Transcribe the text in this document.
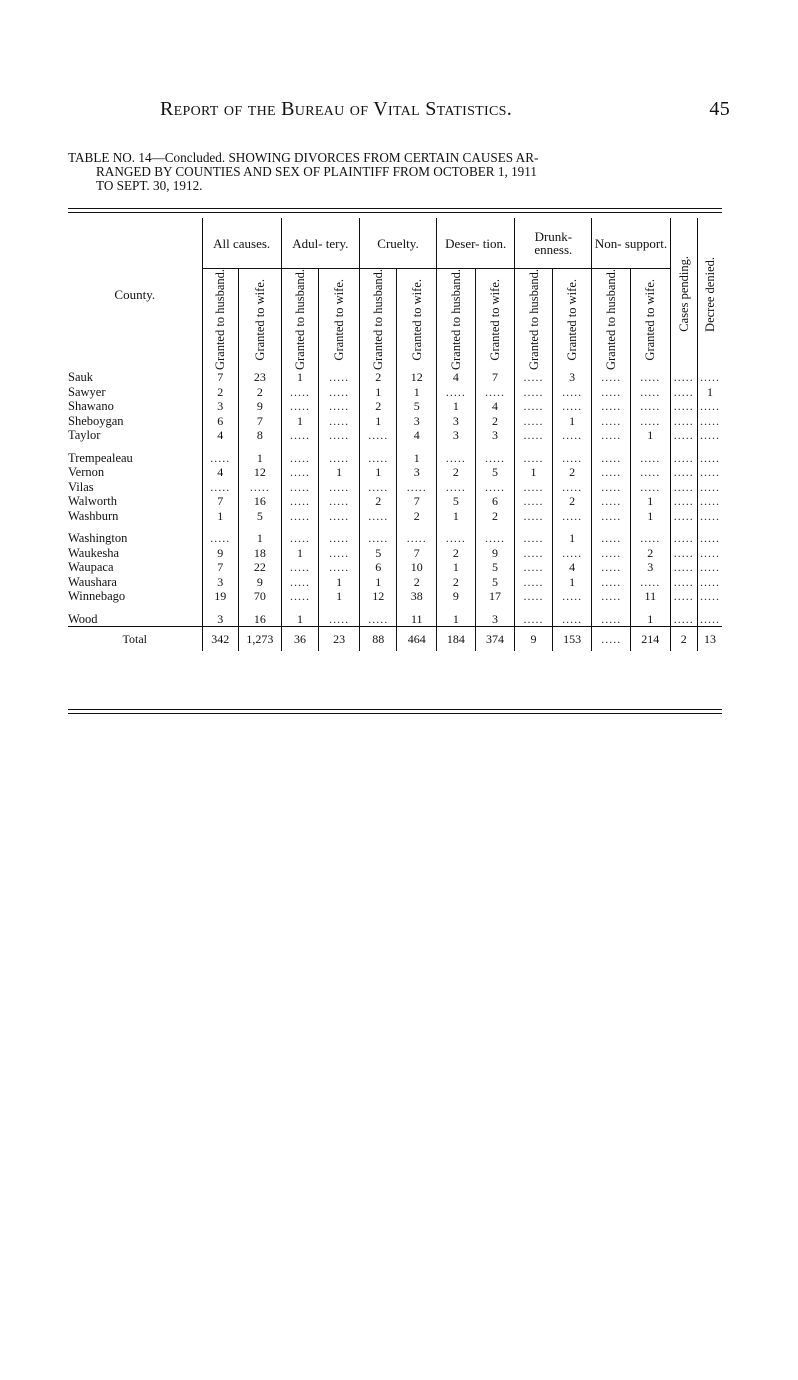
Report of the Bureau of Vital Statistics.	45
TABLE NO. 14—Concluded. SHOWING DIVORCES FROM CERTAIN CAUSES AR-
RANGED BY COUNTIES AND SEX OF PLAINTIFF FROM OCTOBER 1, 1911
TO SEPT. 30, 1912.
County.	All causes.		Adul- tery.		Cruelty.		Deser- tion.		Drunk- enness.		Non- support.		Cases pending.	Decree denied.

	Granted to husband.	Granted to wife.	Granted to husband.	Granted to wife.	Granted to husband.	Granted to wife.	Granted to husband.	Granted to wife.	Granted to husband.	Granted to wife.	Granted to husband.	Granted to wife.		

Sauk	7	23	1	.....	2	12	4	7	.....	3	.....	.....	.....	.....
Sawyer	2	2	.....	.....	1	1	.....	.....	.....	.....	.....	.....	.....	1
Shawano	3	9	.....	.....	2	5	1	4	.....	.....	.....	.....	.....	.....
Sheboygan	6	7	1	.....	1	3	3	2	.....	1	.....	.....	.....	.....
Taylor	4	8	.....	.....	.....	4	3	3	.....	.....	.....	1	.....	.....

Trempealeau	.....	1	.....	.....	.....	1	.....	.....	.....	.....	.....	.....	.....	.....
Vernon	4	12	.....	1	1	3	2	5	1	2	.....	.....	.....	.....
Vilas	.....	.....	.....	.....	.....	.....	.....	.....	.....	.....	.....	.....	.....	.....
Walworth	7	16	.....	.....	2	7	5	6	.....	2	.....	1	.....	.....
Washburn	1	5	.....	.....	.....	2	1	2	.....	.....	.....	1	.....	.....

Washington	.....	1	.....	.....	.....	.....	.....	.....	.....	1	.....	.....	.....	.....
Waukesha	9	18	1	.....	5	7	2	9	.....	.....	.....	2	.....	.....
Waupaca	7	22	.....	.....	6	10	1	5	.....	4	.....	3	.....	.....
Waushara	3	9	.....	1	1	2	2	5	.....	1	.....	.....	.....	.....
Winnebago	19	70	.....	1	12	38	9	17	.....	.....	.....	11	.....	.....

Wood	3	16	1	.....	.....	11	1	3	.....	.....	.....	1	.....	.....
Total	342	1,273	36	23	88	464	184	374	9	153	.....	214	2	13
